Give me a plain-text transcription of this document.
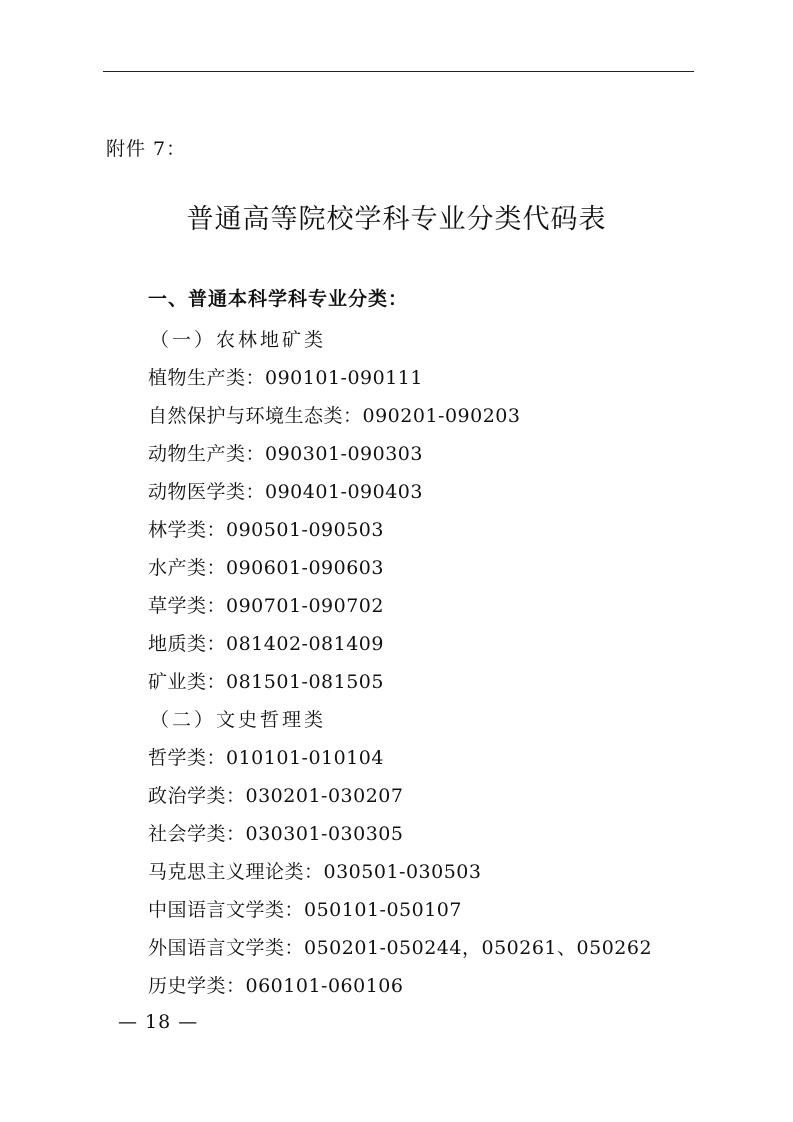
附件 7：
普通高等院校学科专业分类代码表
一、普通本科学科专业分类：
（一）农林地矿类
植物生产类：090101-090111
自然保护与环境生态类：090201-090203
动物生产类：090301-090303
动物医学类：090401-090403
林学类：090501-090503
水产类：090601-090603
草学类：090701-090702
地质类：081402-081409
矿业类：081501-081505
（二）文史哲理类
哲学类：010101-010104
政治学类：030201-030207
社会学类：030301-030305
马克思主义理论类：030501-030503
中国语言文学类：050101-050107
外国语言文学类：050201-050244，050261、050262
历史学类：060101-060106
— 18 —
